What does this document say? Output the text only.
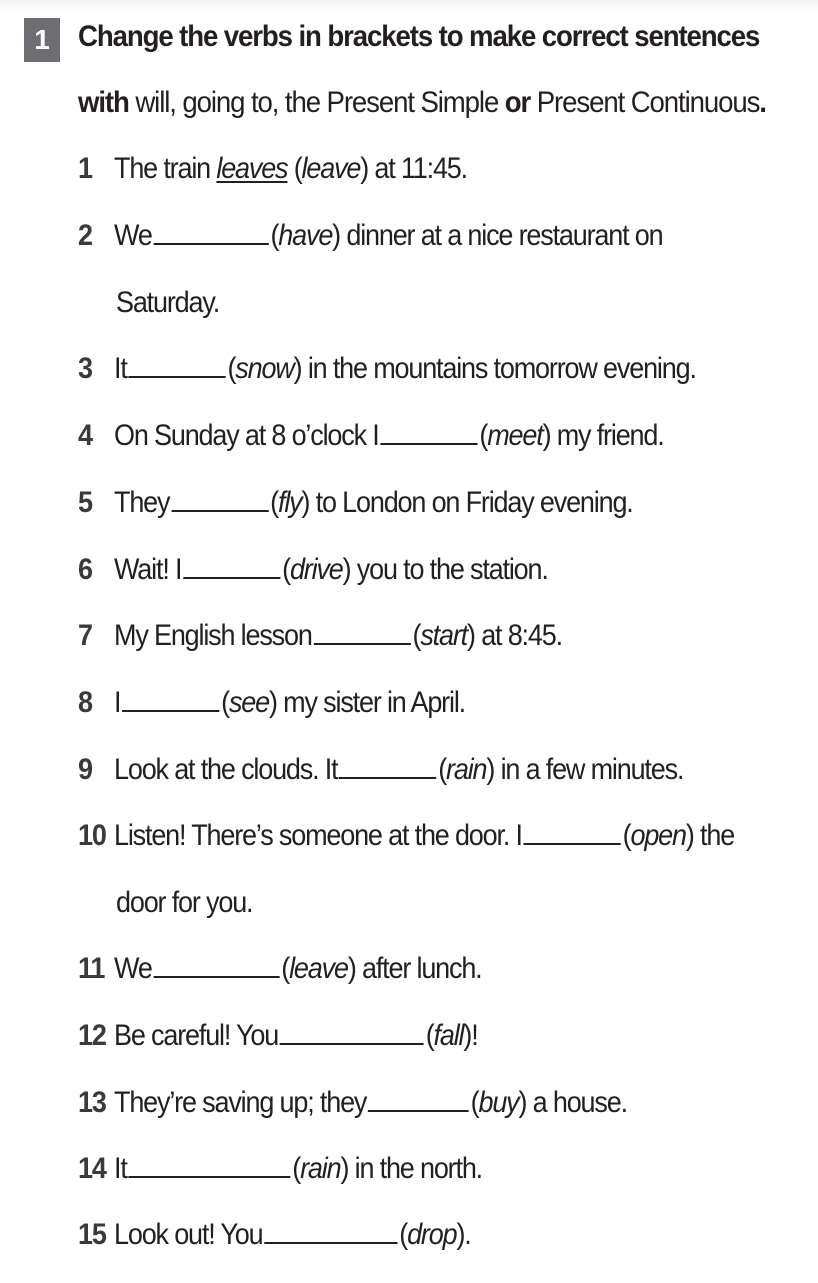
1 Change the verbs in brackets to make correct sentences
with will, going to, the Present Simple or Present Continuous.
1 The train leaves (leave) at 11:45.
2 We	(have) dinner at a nice restaurant on
Saturday.
3 It	(snow) in the mountains tomorrow evening.
4 On Sunday at 8 o’clock I	(meet) my friend.
5 They	(fly) to London on Friday evening.
6 Wait! I	(drive) you to the station.
7 My English lesson	(start) at 8:45.
8 I	(see) my sister in April.
9 Look at the clouds. It	(rain) in a few minutes.
10 Listen! There’s someone at the door. I	(open) the
door for you.
11 We	(leave) after lunch.
12 Be careful! You	(fall)!
13 They’re saving up; they	(buy) a house.
14 It	(rain) in the north.
15 Look out! You	(drop).
